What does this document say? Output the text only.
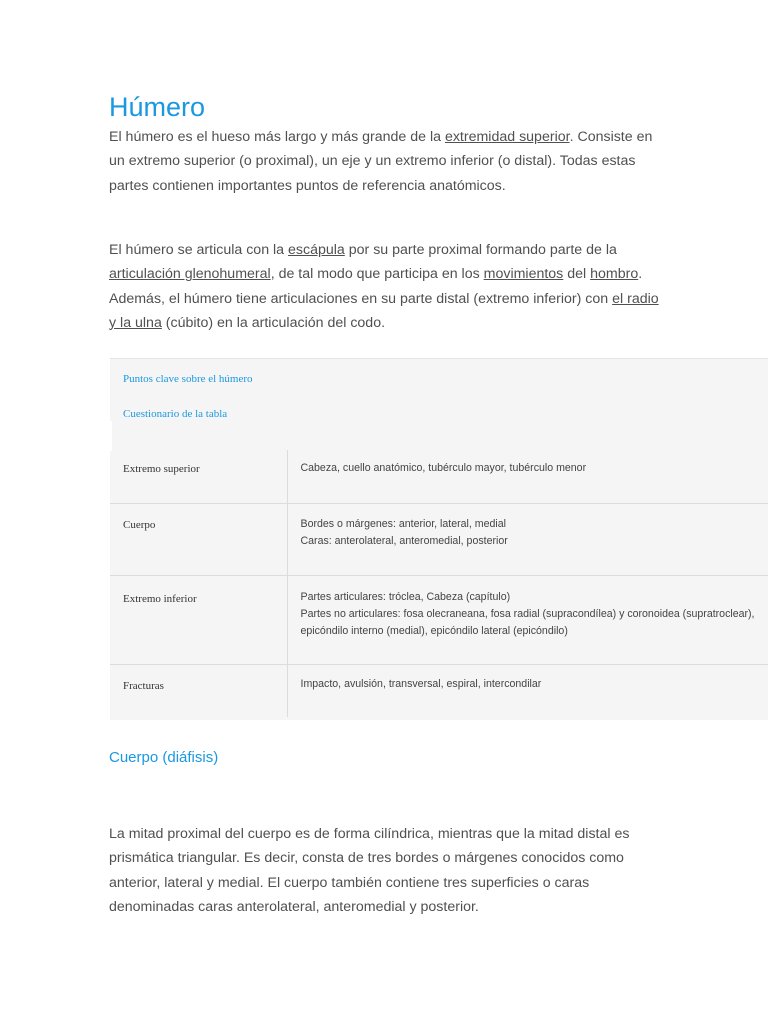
Húmero

El húmero es el hueso más largo y más grande de la extremidad superior. Consiste en un extremo superior (o proximal), un eje y un extremo inferior (o distal). Todas estas partes contienen importantes puntos de referencia anatómicos.

El húmero se articula con la escápula por su parte proximal formando parte de la articulación glenohumeral, de tal modo que participa en los movimientos del hombro. Además, el húmero tiene articulaciones en su parte distal (extremo inferior) con el radio y la ulna (cúbito) en la articulación del codo.

Puntos clave sobre el húmero
Cuestionario de la tabla
Extremo superior	Cabeza, cuello anatómico, tubérculo mayor, tubérculo menor

Cuerpo	Bordes o márgenes: anterior, lateral, medial
Caras: anterolateral, anteromedial, posterior

Extremo inferior	Partes articulares: tróclea, Cabeza (capítulo)
Partes no articulares: fosa olecraneana, fosa radial (supracondílea) y coronoidea (supratroclear), epicóndilo interno (medial), epicóndilo lateral (epicóndilo)

Fracturas	Impacto, avulsión, transversal, espiral, intercondilar
Cuerpo (diáfisis)

La mitad proximal del cuerpo es de forma cilíndrica, mientras que la mitad distal es prismática triangular. Es decir, consta de tres bordes o márgenes conocidos como anterior, lateral y medial. El cuerpo también contiene tres superficies o caras denominadas caras anterolateral, anteromedial y posterior.
